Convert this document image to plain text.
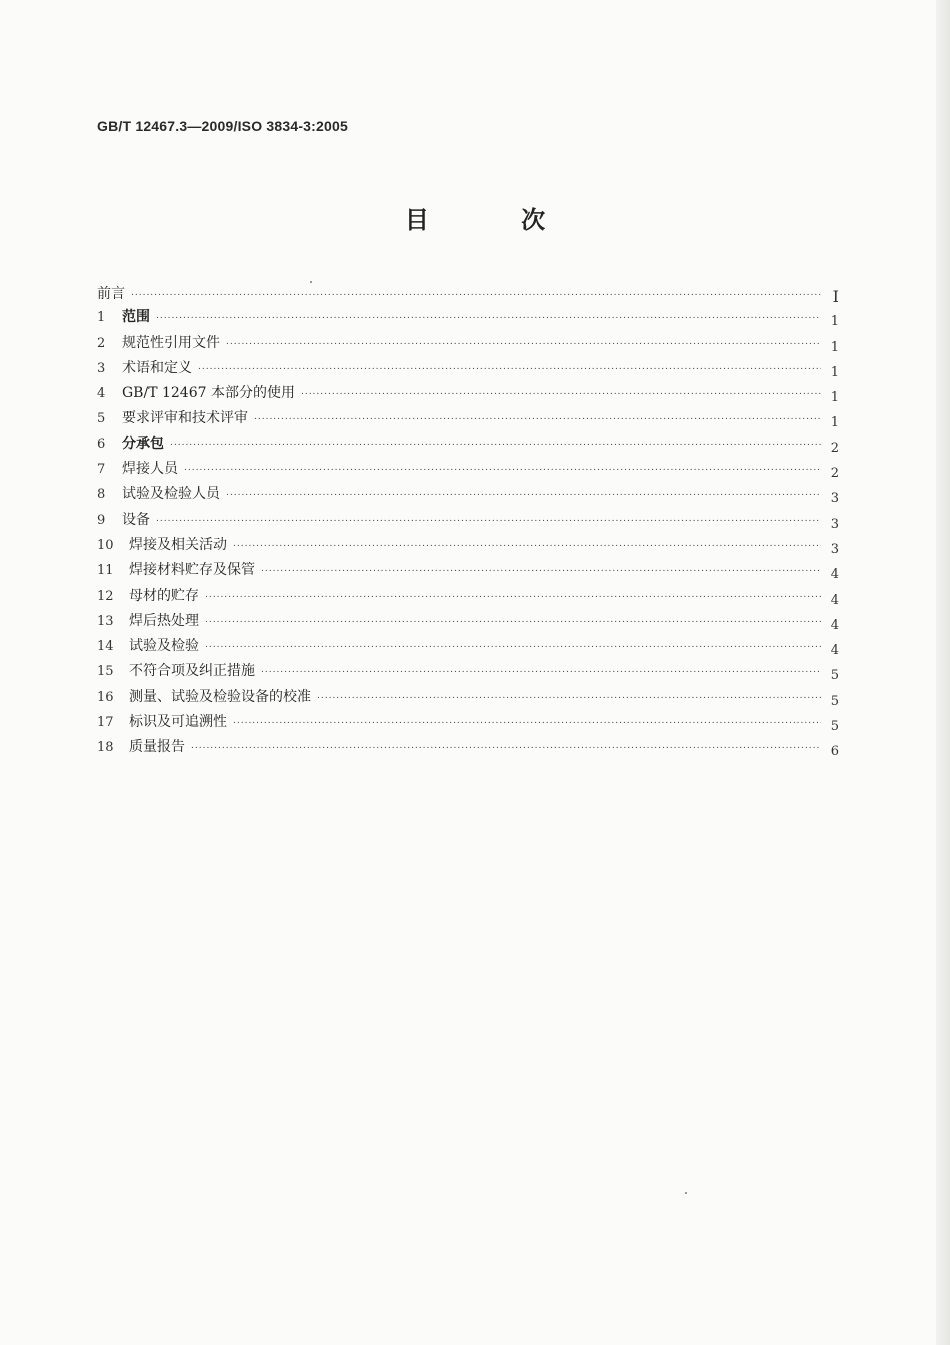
GB/T 12467.3—2009/ISO 3834-3:2005
目 次
前言 .....	Ⅰ
1	范围 .....	1
2	规范性引用文件 .....	1
3	术语和定义 .....	1
4	GB/T 12467 本部分的使用 .....	1
5	要求评审和技术评审 .....	1
6	分承包 .....	2
7	焊接人员 .....	2
8	试验及检验人员 .....	3
9	设备 .....	3
10	焊接及相关活动 .....	3
11	焊接材料贮存及保管 .....	4
12	母材的贮存 .....	4
13	焊后热处理 .....	4
14	试验及检验 .....	4
15	不符合项及纠正措施 .....	5
16	测量、试验及检验设备的校准 .....	5
17	标识及可追溯性 .....	5
18	质量报告 .....	6
